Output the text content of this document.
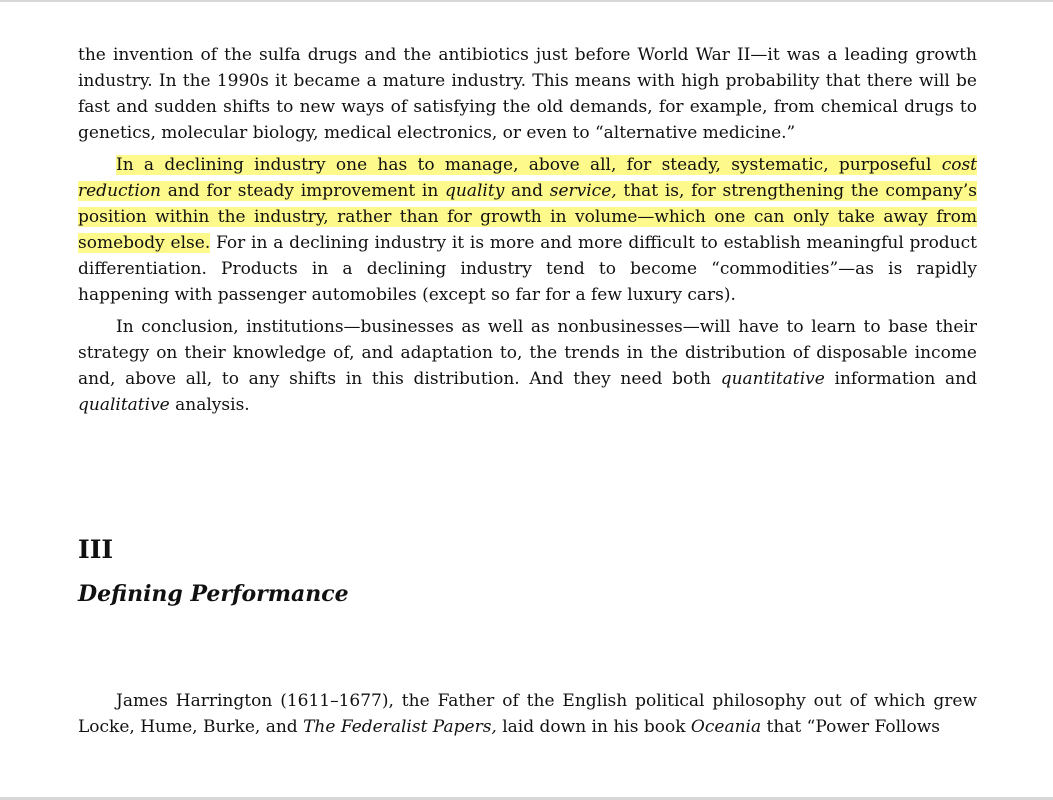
the invention of the sulfa drugs and the antibiotics just before World War II—it was a leading growth industry. In the 1990s it became a mature industry. This means with high probability that there will be fast and sudden shifts to new ways of satisfying the old demands, for example, from chemical drugs to genetics, molecular biology, medical electronics, or even to “alternative medicine.”

In a declining industry one has to manage, above all, for steady, systematic, purposeful cost reduction and for steady improvement in quality and service, that is, for strengthening the company’s position within the industry, rather than for growth in volume—which one can only take away from somebody else. For in a declining industry it is more and more difficult to establish meaningful product differentiation. Products in a declining industry tend to become “commodities”—as is rapidly happening with passenger automobiles (except so far for a few luxury cars).

In conclusion, institutions—businesses as well as nonbusinesses—will have to learn to base their strategy on their knowledge of, and adaptation to, the trends in the distribution of disposable income and, above all, to any shifts in this distribution. And they need both quantitative information and qualitative analysis.

III
Defining Performance

James Harrington (1611–1677), the Father of the English political philosophy out of which grew Locke, Hume, Burke, and The Federalist Papers, laid down in his book Oceania that “Power Follows
